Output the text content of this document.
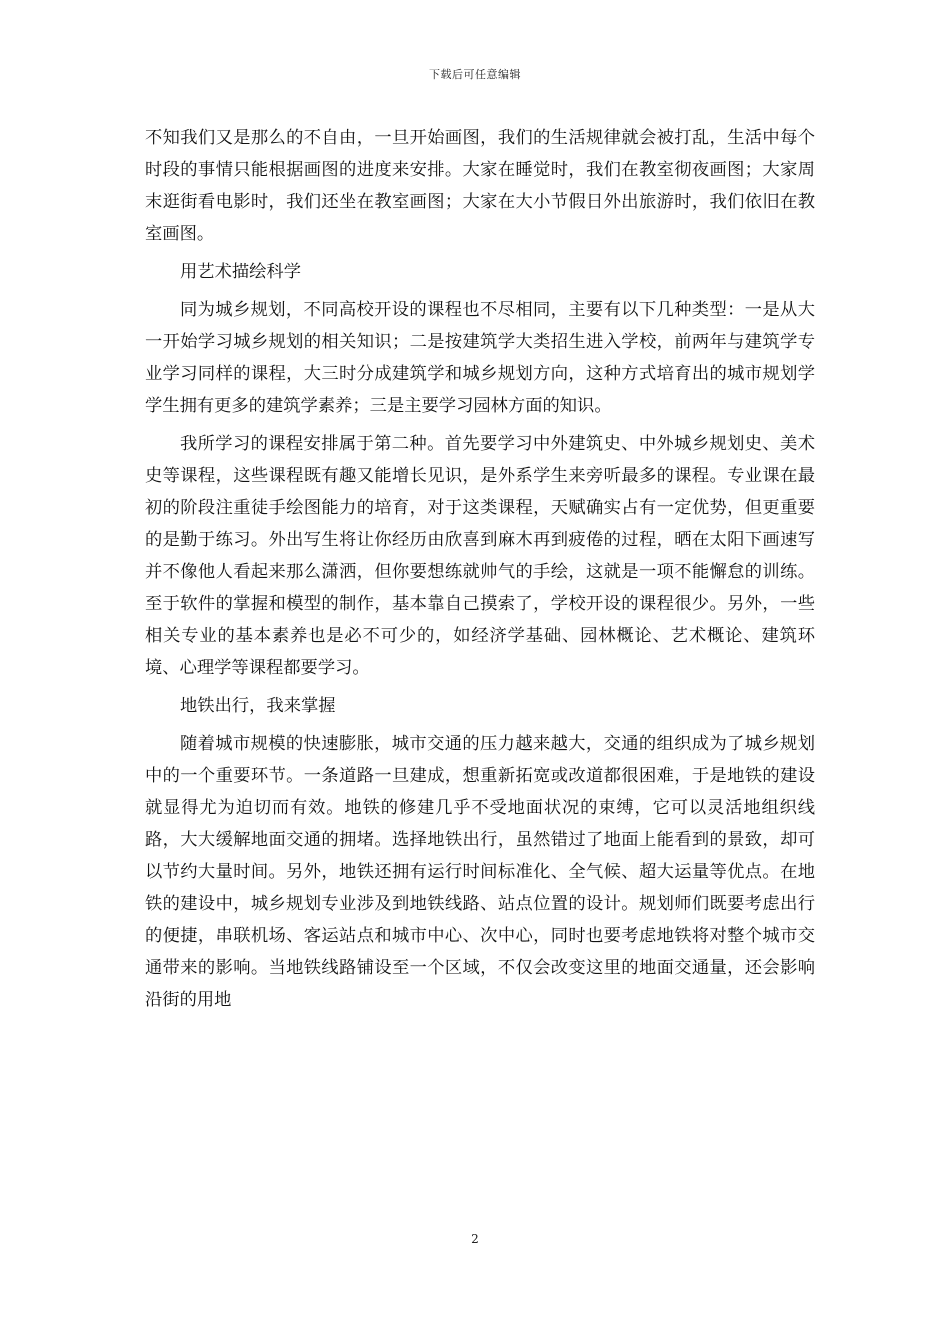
下载后可任意编辑

不知我们又是那么的不自由，一旦开始画图，我们的生活规律就会被打乱，生活中每个时段的事情只能根据画图的进度来安排。大家在睡觉时，我们在教室彻夜画图；大家周末逛街看电影时，我们还坐在教室画图；大家在大小节假日外出旅游时，我们依旧在教室画图。

用艺术描绘科学

同为城乡规划，不同高校开设的课程也不尽相同，主要有以下几种类型：一是从大一开始学习城乡规划的相关知识；二是按建筑学大类招生进入学校，前两年与建筑学专业学习同样的课程，大三时分成建筑学和城乡规划方向，这种方式培育出的城市规划学学生拥有更多的建筑学素养；三是主要学习园林方面的知识。

我所学习的课程安排属于第二种。首先要学习中外建筑史、中外城乡规划史、美术史等课程，这些课程既有趣又能增长见识，是外系学生来旁听最多的课程。专业课在最初的阶段注重徒手绘图能力的培育，对于这类课程，天赋确实占有一定优势，但更重要的是勤于练习。外出写生将让你经历由欣喜到麻木再到疲倦的过程，晒在太阳下画速写并不像他人看起来那么潇洒，但你要想练就帅气的手绘，这就是一项不能懈怠的训练。至于软件的掌握和模型的制作，基本靠自己摸索了，学校开设的课程很少。另外，一些相关专业的基本素养也是必不可少的，如经济学基础、园林概论、艺术概论、建筑环境、心理学等课程都要学习。

地铁出行，我来掌握

随着城市规模的快速膨胀，城市交通的压力越来越大，交通的组织成为了城乡规划中的一个重要环节。一条道路一旦建成，想重新拓宽或改道都很困难，于是地铁的建设就显得尤为迫切而有效。地铁的修建几乎不受地面状况的束缚，它可以灵活地组织线路，大大缓解地面交通的拥堵。选择地铁出行，虽然错过了地面上能看到的景致，却可以节约大量时间。另外，地铁还拥有运行时间标准化、全气候、超大运量等优点。在地铁的建设中，城乡规划专业涉及到地铁线路、站点位置的设计。规划师们既要考虑出行的便捷，串联机场、客运站点和城市中心、次中心，同时也要考虑地铁将对整个城市交通带来的影响。当地铁线路铺设至一个区域，不仅会改变这里的地面交通量，还会影响沿街的用地

2
